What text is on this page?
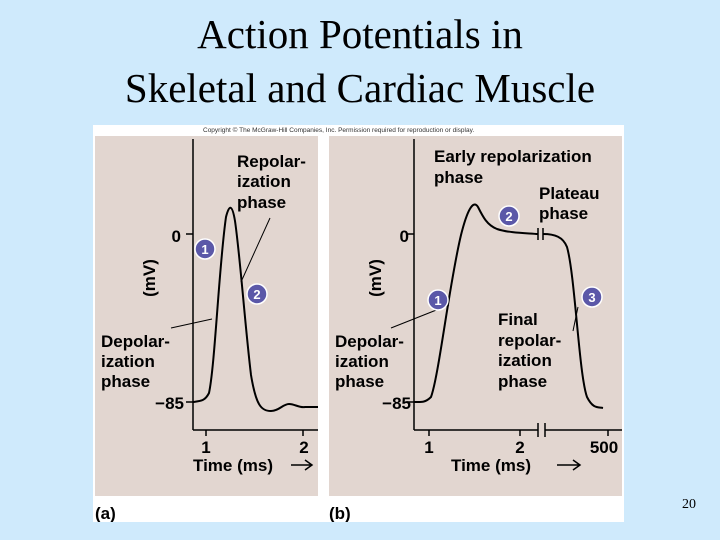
Action Potentials in
Skeletal and Cardiac Muscle
Copyright © The McGraw-Hill Companies, Inc. Permission required for reproduction or display.
0
−85
(mV)
1	2
Time (ms)
Repolar-
ization
phase
Depolar-
ization
phase
1
2
(a)
0
−85
(mV)
1	2	500
Time (ms)
Early repolarization
phase
Plateau
phase
Depolar-
ization
phase
Final
repolar-
ization
phase
1
2
3
(b)	20
